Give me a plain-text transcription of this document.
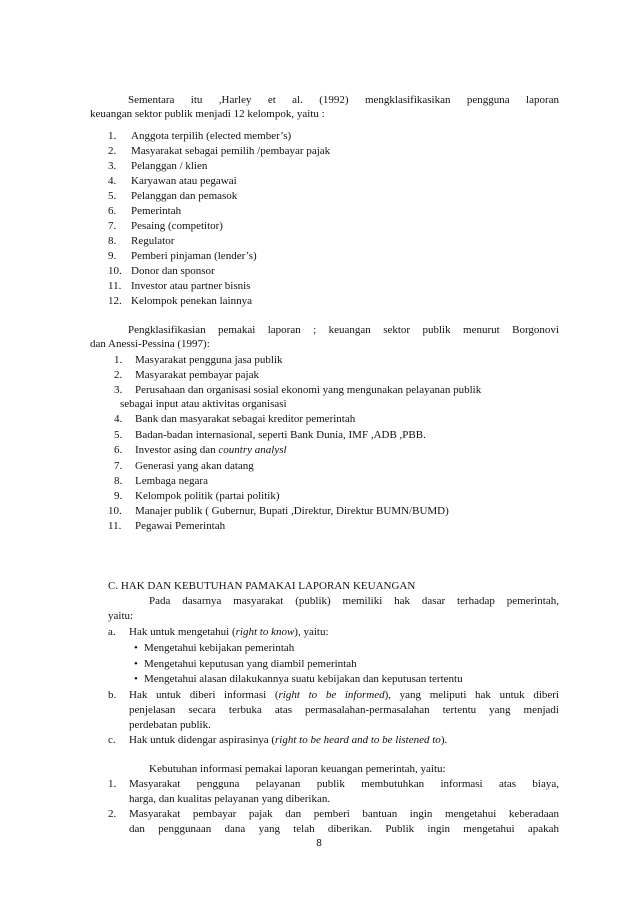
Sementara itu ,Harley et al. (1992) mengklasifikasikan pengguna laporan
keuangan sektor publik menjadi 12 kelompok, yaitu :
1. Anggota terpilih (elected member’s)
2. Masyarakat sebagai pemilih /pembayar pajak
3. Pelanggan / klien
4. Karyawan atau pegawai
5. Pelanggan dan pemasok
6. Pemerintah
7. Pesaing (competitor)
8. Regulator
9. Pemberi pinjaman (lender’s)
10. Donor dan sponsor
11. Investor atau partner bisnis
12. Kelompok penekan lainnya
Pengklasifikasian pemakai laporan ; keuangan sektor publik menurut Borgonovi
dan Anessi-Pessina (1997):
1. Masyarakat pengguna jasa publik
2. Masyarakat pembayar pajak
3. Perusahaan dan organisasi sosial ekonomi yang mengunakan pelayanan publik
sebagai input atau aktivitas organisasi
4. Bank dan masyarakat sebagai kreditor pemerintah
5. Badan-badan internasional, seperti Bank Dunia, IMF ,ADB ,PBB.
6. Investor asing dan country analysl
7. Generasi yang akan datang
8. Lembaga negara
9. Kelompok politik (partai politik)
10. Manajer publik ( Gubernur, Bupati ,Direktur, Direktur BUMN/BUMD)
11. Pegawai Pemerintah
C. HAK DAN KEBUTUHAN PAMAKAI LAPORAN KEUANGAN
Pada dasarnya masyarakat (publik) memiliki hak dasar terhadap pemerintah,
yaitu:
a. Hak untuk mengetahui (right to know), yaitu:
• Mengetahui kebijakan pemerintah
• Mengetahui keputusan yang diambil pemerintah
• Mengetahui alasan dilakukannya suatu kebijakan dan keputusan tertentu
b. Hak untuk diberi informasi (right to be informed), yang meliputi hak untuk diberi
penjelasan secara terbuka atas permasalahan-permasalahan tertentu yang menjadi
perdebatan publik.
c. Hak untuk didengar aspirasinya (right to be heard and to be listened to).
Kebutuhan informasi pemakai laporan keuangan pemerintah, yaitu:
1. Masyarakat pengguna pelayanan publik membutuhkan informasi atas biaya,
harga, dan kualitas pelayanan yang diberikan.
2. Masyarakat pembayar pajak dan pemberi bantuan ingin mengetahui keberadaan
dan penggunaan dana yang telah diberikan. Publik ingin mengetahui apakah
8
